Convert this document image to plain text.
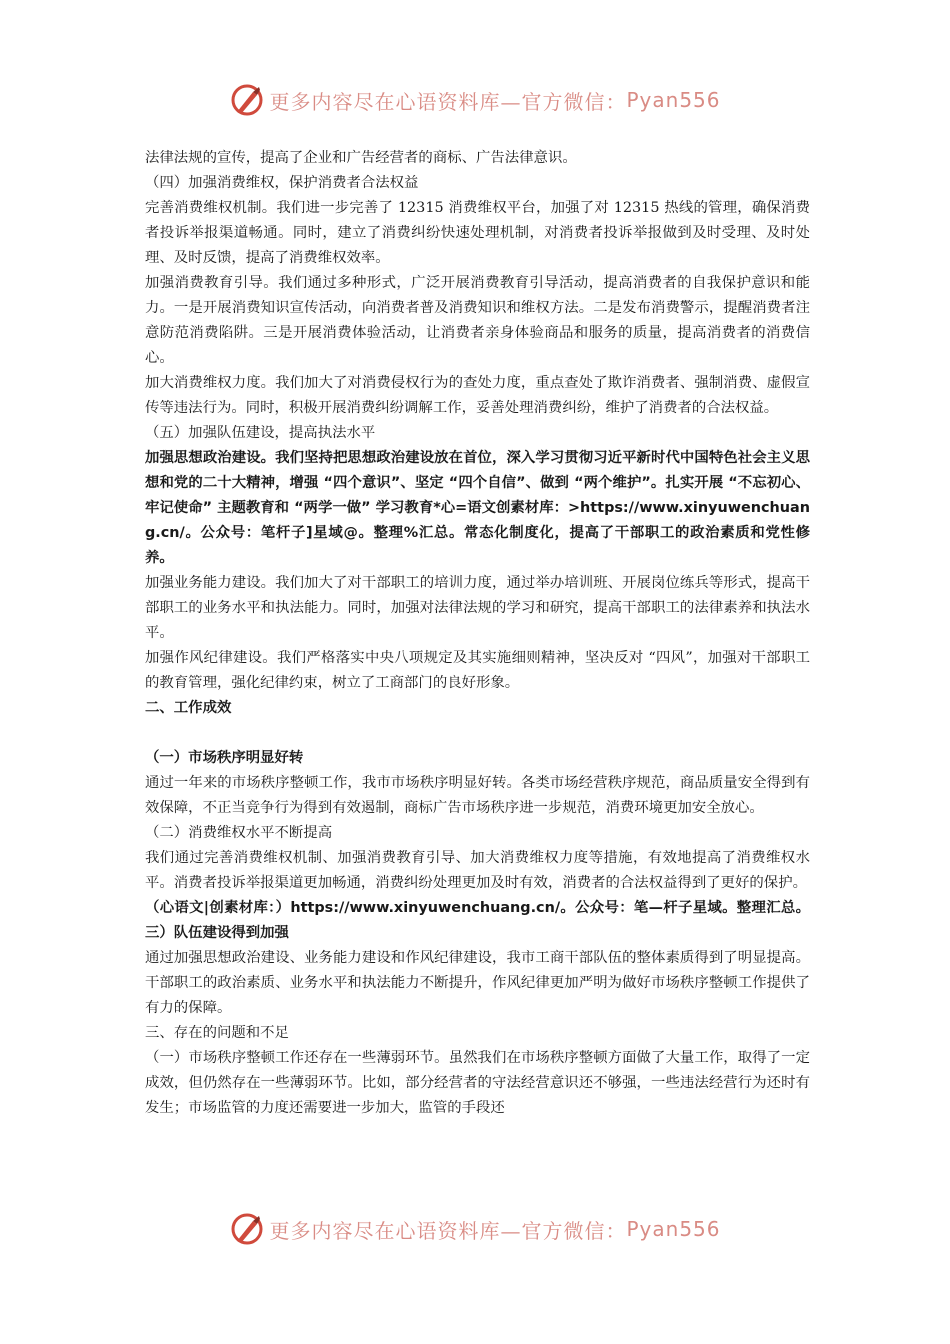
更多内容尽在心语资料库—官方微信： Pyan556

法律法规的宣传，提高了企业和广告经营者的商标、广告法律意识。

（四）加强消费维权，保护消费者合法权益

完善消费维权机制。我们进一步完善了 12315 消费维权平台，加强了对 12315 热线的管理，确保消费者投诉举报渠道畅通。同时，建立了消费纠纷快速处理机制，对消费者投诉举报做到及时受理、及时处理、及时反馈，提高了消费维权效率。

加强消费教育引导。我们通过多种形式，广泛开展消费教育引导活动，提高消费者的自我保护意识和能力。一是开展消费知识宣传活动，向消费者普及消费知识和维权方法。二是发布消费警示，提醒消费者注意防范消费陷阱。三是开展消费体验活动，让消费者亲身体验商品和服务的质量，提高消费者的消费信心。

加大消费维权力度。我们加大了对消费侵权行为的查处力度，重点查处了欺诈消费者、强制消费、虚假宣传等违法行为。同时，积极开展消费纠纷调解工作，妥善处理消费纠纷，维护了消费者的合法权益。

（五）加强队伍建设，提高执法水平

加强思想政治建设。我们坚持把思想政治建设放在首位，深入学习贯彻习近平新时代中国特色社会主义思想和党的二十大精神，增强 “四个意识”、坚定 “四个自信”、做到 “两个维护”。扎实开展 “不忘初心、牢记使命” 主题教育和 “两学一做” 学习教育*心=语文创素材库：>https://www.xinyuwenchuang.cn/。公众号：笔杆子]星域@。整理%汇总。常态化制度化，提高了干部职工的政治素质和党性修养。

加强业务能力建设。我们加大了对干部职工的培训力度，通过举办培训班、开展岗位练兵等形式，提高干部职工的业务水平和执法能力。同时，加强对法律法规的学习和研究，提高干部职工的法律素养和执法水平。

加强作风纪律建设。我们严格落实中央八项规定及其实施细则精神，坚决反对 “四风”，加强对干部职工的教育管理，强化纪律约束，树立了工商部门的良好形象。

二、工作成效

（一）市场秩序明显好转

通过一年来的市场秩序整顿工作，我市市场秩序明显好转。各类市场经营秩序规范，商品质量安全得到有效保障，不正当竞争行为得到有效遏制，商标广告市场秩序进一步规范，消费环境更加安全放心。

（二）消费维权水平不断提高

我们通过完善消费维权机制、加强消费教育引导、加大消费维权力度等措施，有效地提高了消费维权水平。消费者投诉举报渠道更加畅通，消费纠纷处理更加及时有效，消费者的合法权益得到了更好的保护。

（心语文|创素材库：）https://www.xinyuwenchuang.cn/。公众号：笔—杆子星域。整理汇总。三）队伍建设得到加强

通过加强思想政治建设、业务能力建设和作风纪律建设，我市工商干部队伍的整体素质得到了明显提高。干部职工的政治素质、业务水平和执法能力不断提升，作风纪律更加严明为做好市场秩序整顿工作提供了有力的保障。

三、存在的问题和不足

（一）市场秩序整顿工作还存在一些薄弱环节。虽然我们在市场秩序整顿方面做了大量工作，取得了一定成效，但仍然存在一些薄弱环节。比如，部分经营者的守法经营意识还不够强，一些违法经营行为还时有发生；市场监管的力度还需要进一步加大，监管的手段还

更多内容尽在心语资料库—官方微信： Pyan556
